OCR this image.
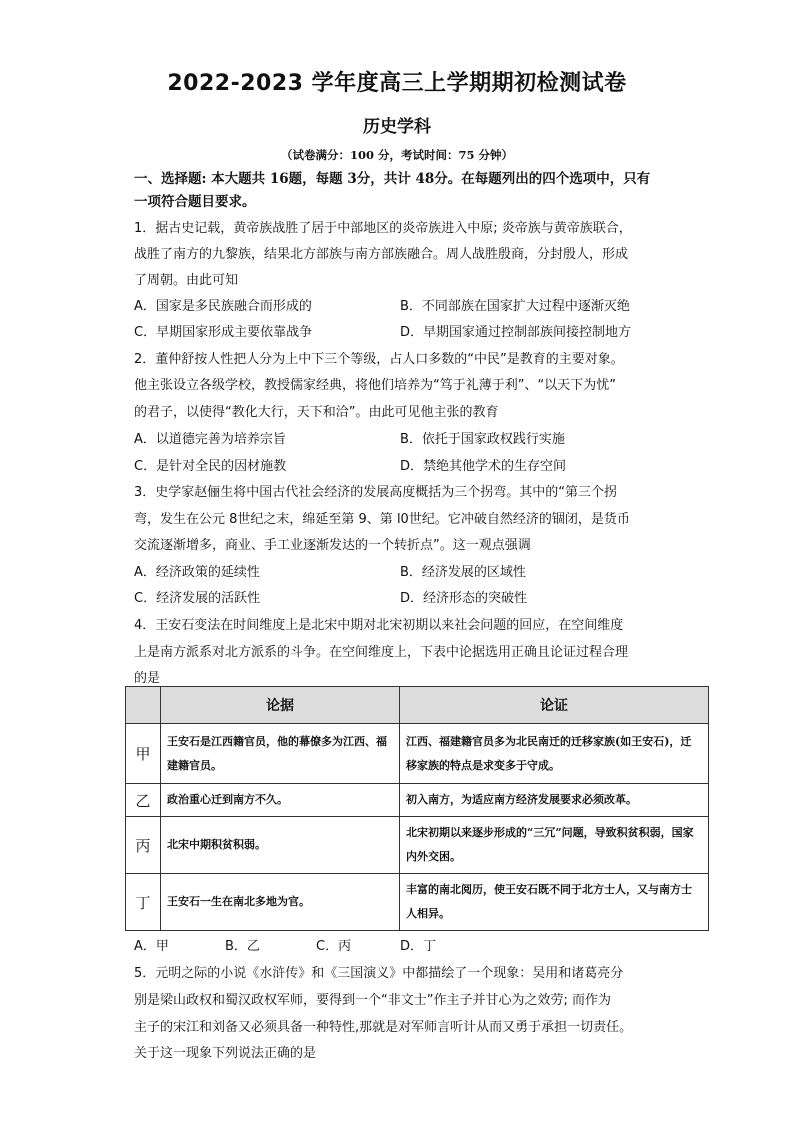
2022-2023 学年度高三上学期期初检测试卷
历史学科
（试卷满分：100 分，考试时间：75 分钟）
一、选择题: 本大题共 16题，每题 3分，共计 48分。在每题列出的四个选项中，只有
一项符合题目要求。
1．据古史记载，黄帝族战胜了居于中部地区的炎帝族进入中原; 炎帝族与黄帝族联合，
战胜了南方的九黎族，结果北方部族与南方部族融合。周人战胜殷商，分封殷人，形成
了周朝。由此可知
A．国家是多民族融合而形成的	B．不同部族在国家扩大过程中逐渐灭绝
C．早期国家形成主要依靠战争	D．早期国家通过控制部族间接控制地方
2．董仲舒按人性把人分为上中下三个等级，占人口多数的“中民”是教育的主要对象。
他主张设立各级学校，教授儒家经典，将他们培养为“笃于礼薄于利”、“以天下为忧”
的君子，以使得“教化大行，天下和洽”。由此可见他主张的教育
A．以道德完善为培养宗旨	B．依托于国家政权践行实施
C．是针对全民的因材施教	D．禁绝其他学术的生存空间
3．史学家赵俪生将中国古代社会经济的发展高度概括为三个拐弯。其中的“第三个拐
弯，发生在公元 8世纪之末，绵延至第 9、第 l0世纪。它冲破自然经济的锢闭，是货币
交流逐渐增多，商业、手工业逐渐发达的一个转折点”。这一观点强调
A．经济政策的延续性	B．经济发展的区域性
C．经济发展的活跃性	D．经济形态的突破性
4．王安石变法在时间维度上是北宋中期对北宋初期以来社会问题的回应，在空间维度
上是南方派系对北方派系的斗争。在空间维度上，下表中论据选用正确且论证过程合理
的是
	论据	论证
甲	王安石是江西籍官员，他的幕僚多为江西、福建籍官员。	江西、福建籍官员多为北民南迁的迁移家族(如王安石)，迁移家族的特点是求变多于守成。
乙	政治重心迁到南方不久。	初入南方，为适应南方经济发展要求必须改革。
丙	北宋中期积贫积弱。	北宋初期以来逐步形成的“三冗”问题，导致积贫积弱，国家内外交困。
丁	王安石一生在南北多地为官。	丰富的南北阅历，使王安石既不同于北方士人，又与南方士人相异。
A．甲	B．乙	C．丙	D．丁
5．元明之际的小说《水浒传》和《三国演义》中都描绘了一个现象：吴用和诸葛亮分
别是梁山政权和蜀汉政权军师，要得到一个“非文士”作主子并甘心为之效劳; 而作为
主子的宋江和刘备又必须具备一种特性,那就是对军师言听计从而又勇于承担一切责任。
关于这一现象下列说法正确的是
